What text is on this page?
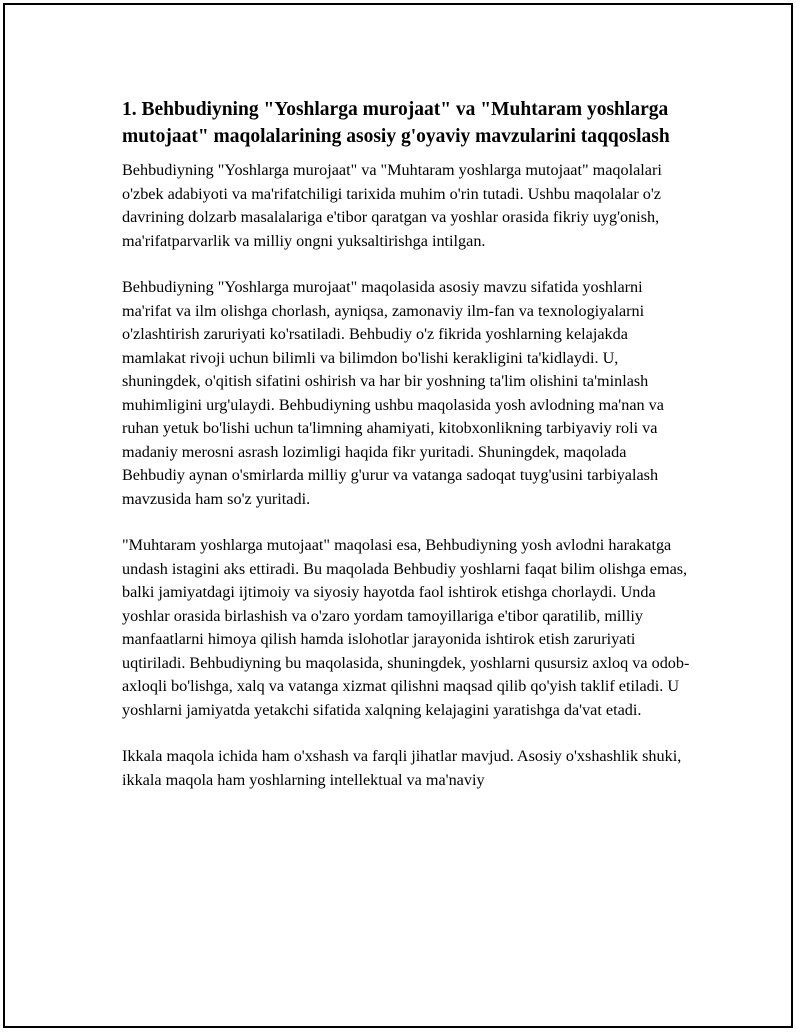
1. Behbudiyning "Yoshlarga murojaat" va "Muhtaram yoshlarga mutojaat" maqolalarining asosiy g'oyaviy mavzularini taqqoslash

Behbudiyning "Yoshlarga murojaat" va "Muhtaram yoshlarga mutojaat" maqolalari o'zbek adabiyoti va ma'rifatchiligi tarixida muhim o'rin tutadi. Ushbu maqolalar o'z davrining dolzarb masalalariga e'tibor qaratgan va yoshlar orasida fikriy uyg'onish, ma'rifatparvarlik va milliy ongni yuksaltirishga intilgan.

Behbudiyning "Yoshlarga murojaat" maqolasida asosiy mavzu sifatida yoshlarni ma'rifat va ilm olishga chorlash, ayniqsa, zamonaviy ilm-fan va texnologiyalarni o'zlashtirish zaruriyati ko'rsatiladi. Behbudiy o'z fikrida yoshlarning kelajakda mamlakat rivoji uchun bilimli va bilimdon bo'lishi kerakligini ta'kidlaydi. U, shuningdek, o'qitish sifatini oshirish va har bir yoshning ta'lim olishini ta'minlash muhimligini urg'ulaydi. Behbudiyning ushbu maqolasida yosh avlodning ma'nan va ruhan yetuk bo'lishi uchun ta'limning ahamiyati, kitobxonlikning tarbiyaviy roli va madaniy merosni asrash lozimligi haqida fikr yuritadi. Shuningdek, maqolada Behbudiy aynan o'smirlarda milliy g'urur va vatanga sadoqat tuyg'usini tarbiyalash mavzusida ham so'z yuritadi.

"Muhtaram yoshlarga mutojaat" maqolasi esa, Behbudiyning yosh avlodni harakatga undash istagini aks ettiradi. Bu maqolada Behbudiy yoshlarni faqat bilim olishga emas, balki jamiyatdagi ijtimoiy va siyosiy hayotda faol ishtirok etishga chorlaydi. Unda yoshlar orasida birlashish va o'zaro yordam tamoyillariga e'tibor qaratilib, milliy manfaatlarni himoya qilish hamda islohotlar jarayonida ishtirok etish zaruriyati uqtiriladi. Behbudiyning bu maqolasida, shuningdek, yoshlarni qusursiz axloq va odob-axloqli bo'lishga, xalq va vatanga xizmat qilishni maqsad qilib qo'yish taklif etiladi. U yoshlarni jamiyatda yetakchi sifatida xalqning kelajagini yaratishga da'vat etadi.

Ikkala maqola ichida ham o'xshash va farqli jihatlar mavjud. Asosiy o'xshashlik shuki, ikkala maqola ham yoshlarning intellektual va ma'naviy
